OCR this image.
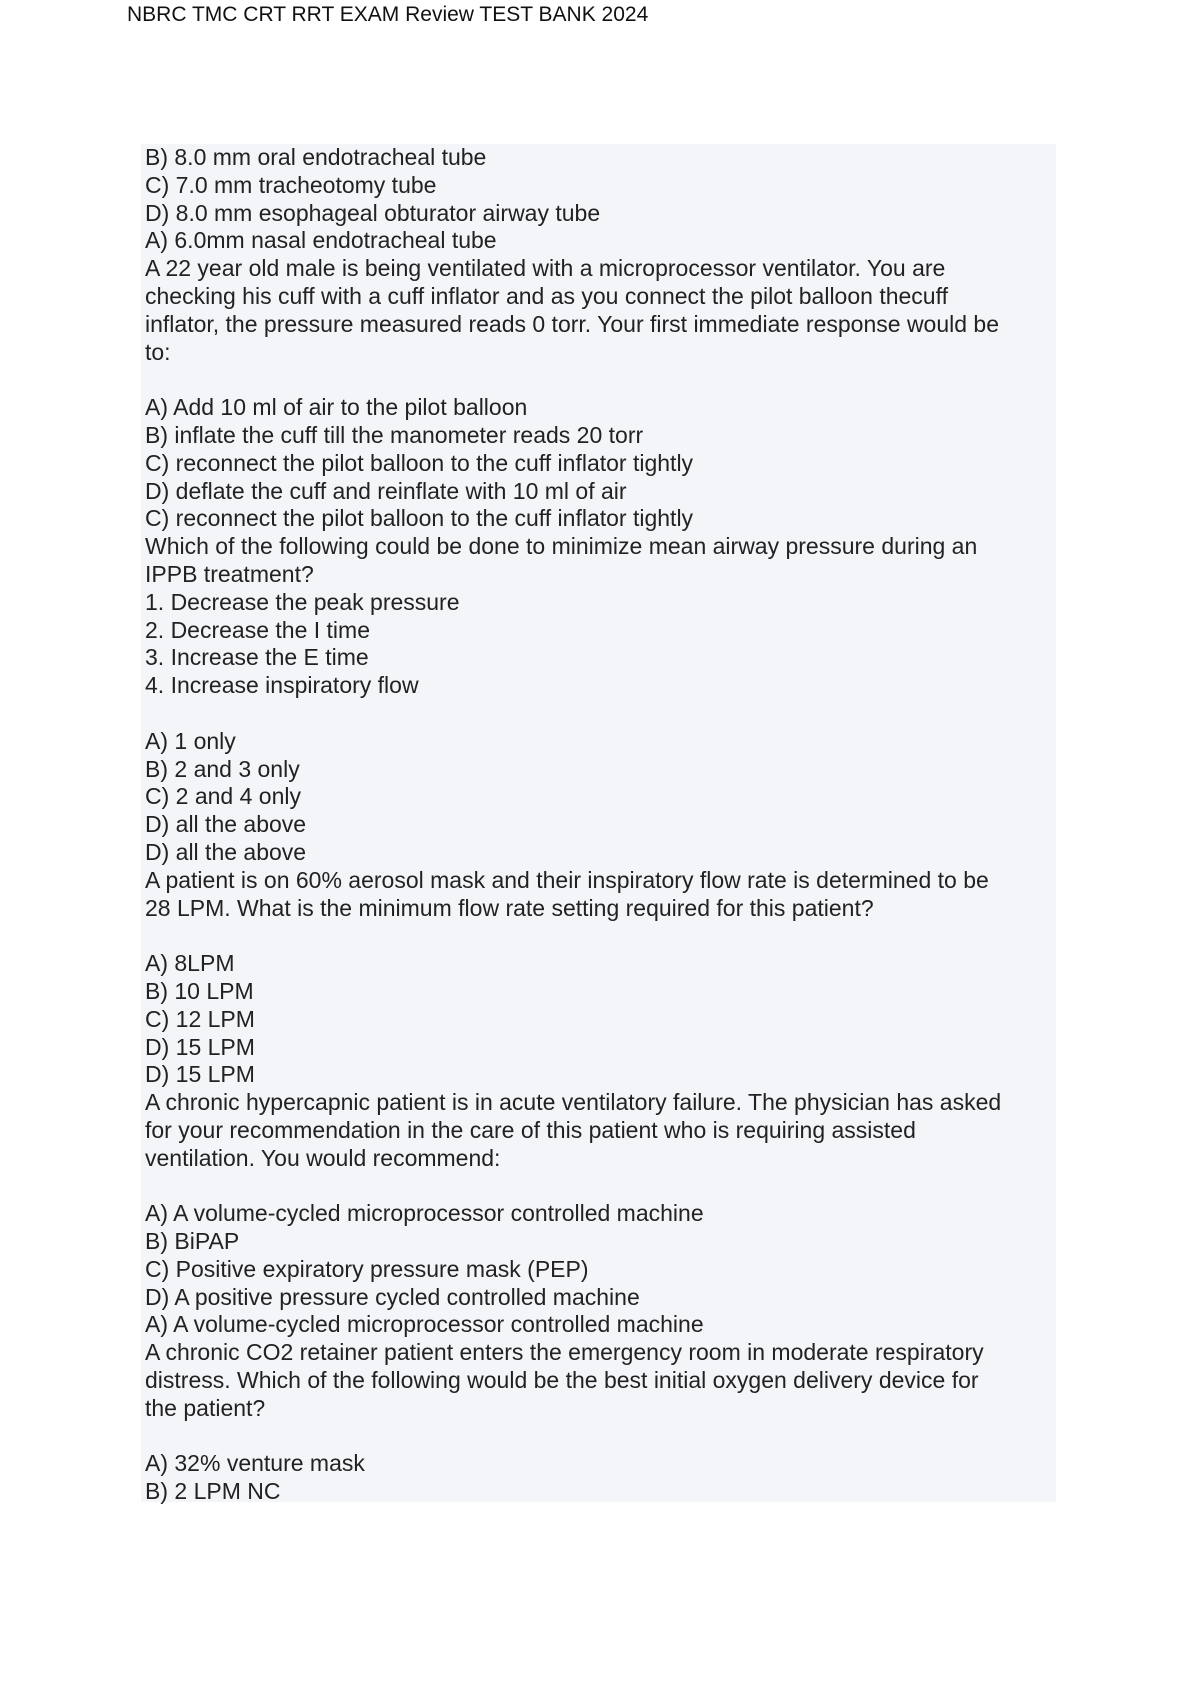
NBRC TMC CRT RRT EXAM Review TEST BANK 2024
B) 8.0 mm oral endotracheal tube
C) 7.0 mm tracheotomy tube
D) 8.0 mm esophageal obturator airway tube
A) 6.0mm nasal endotracheal tube
A 22 year old male is being ventilated with a microprocessor ventilator. You are
checking his cuff with a cuff inflator and as you connect the pilot balloon thecuff
inflator, the pressure measured reads 0 torr. Your first immediate response would be
to:
A) Add 10 ml of air to the pilot balloon
B) inflate the cuff till the manometer reads 20 torr
C) reconnect the pilot balloon to the cuff inflator tightly
D) deflate the cuff and reinflate with 10 ml of air
C) reconnect the pilot balloon to the cuff inflator tightly
Which of the following could be done to minimize mean airway pressure during an
IPPB treatment?
1. Decrease the peak pressure
2. Decrease the I time
3. Increase the E time
4. Increase inspiratory flow
A) 1 only
B) 2 and 3 only
C) 2 and 4 only
D) all the above
D) all the above
A patient is on 60% aerosol mask and their inspiratory flow rate is determined to be
28 LPM. What is the minimum flow rate setting required for this patient?
A) 8LPM
B) 10 LPM
C) 12 LPM
D) 15 LPM
D) 15 LPM
A chronic hypercapnic patient is in acute ventilatory failure. The physician has asked
for your recommendation in the care of this patient who is requiring assisted
ventilation. You would recommend:
A) A volume-cycled microprocessor controlled machine
B) BiPAP
C) Positive expiratory pressure mask (PEP)
D) A positive pressure cycled controlled machine
A) A volume-cycled microprocessor controlled machine
A chronic CO2 retainer patient enters the emergency room in moderate respiratory
distress. Which of the following would be the best initial oxygen delivery device for
the patient?
A) 32% venture mask
B) 2 LPM NC
